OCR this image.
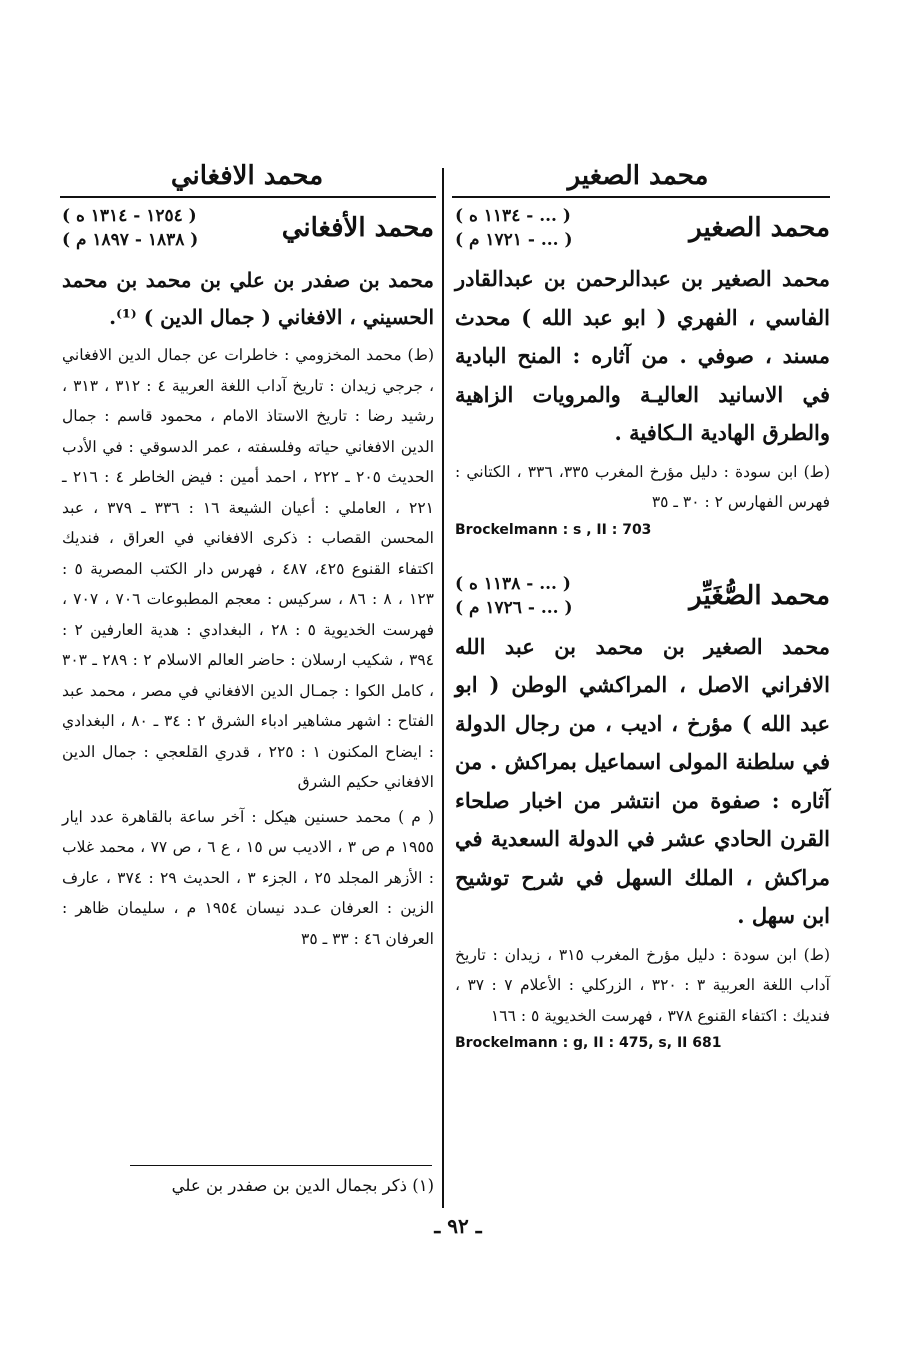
محمد الصغير
محمد الافغاني
محمد الصغير
( ... - ١١٣٤ ه )
( ... - ١٧٢١ م )
محمد الصغير بن عبدالرحمن بن عبدالقادر الفاسي ، الفهري ( ابو عبد الله ) محدث مسند ، صوفي . من آثاره : المنح البادية في الاسانيد العاليـة والمرويات الزاهية والطرق الهادية الـكافية .
(ط) ابن سودة : دليل مؤرخ المغرب ٣٣٥، ٣٣٦ ، الكتاني : فهرس الفهارس ٢ : ٣٠ ـ ٣٥
Brockelmann : s , II : 703
محمد الصُّغَيِّر
( ... - ١١٣٨ ه )
( ... - ١٧٢٦ م )
محمد الصغير بن محمد بن عبد الله الافراني الاصل ، المراكشي الوطن ( ابو عبد الله ) مؤرخ ، اديب ، من رجال الدولة في سلطنة المولى اسماعيل بمراكش . من آثاره : صفوة من انتشر من اخبار صلحاء القرن الحادي عشر في الدولة السعدية في مراكش ، الملك السهل في شرح توشيح ابن سهل .
(ط) ابن سودة : دليل مؤرخ المغرب ٣١٥ ، زيدان : تاريخ آداب اللغة العربية ٣ : ٣٢٠ ، الزركلي : الأعلام ٧ : ٣٧ ، فنديك : اكتفاء القنوع ٣٧٨ ، فهرست الخديوية ٥ : ١٦٦
Brockelmann : g, II : 475, s, II 681
محمد الأفغاني
( ١٢٥٤ - ١٣١٤ ه )
( ١٨٣٨ - ١٨٩٧ م )
محمد بن صفدر بن علي بن محمد بن محمد الحسيني ، الافغاني ( جمال الدين ) ⁽¹⁾.
(ط) محمد المخزومي : خاطرات عن جمال الدين الافغاني ، جرجي زيدان : تاريخ آداب اللغة العربية ٤ : ٣١٢ ، ٣١٣ ، رشيد رضا : تاريخ الاستاذ الامام ، محمود قاسم : جمال الدين الافغاني حياته وفلسفته ، عمر الدسوقي : في الأدب الحديث ٢٠٥ ـ ٢٢٢ ، احمد أمين : فيض الخاطر ٤ : ٢١٦ ـ ٢٢١ ، العاملي : أعيان الشيعة ١٦ : ٣٣٦ ـ ٣٧٩ ، عبد المحسن القصاب : ذكرى الافغاني في العراق ، فنديك اكتفاء القنوع ٤٢٥، ٤٨٧ ، فهرس دار الكتب المصرية ٥ : ١٢٣ ، ٨ : ٨٦ ، سركيس : معجم المطبوعات ٧٠٦ ، ٧٠٧ ، فهرست الخديوية ٥ : ٢٨ ، البغدادي : هدية العارفين ٢ : ٣٩٤ ، شكيب ارسلان : حاضر العالم الاسلام ٢ : ٢٨٩ ـ ٣٠٣ ، كامل الكوا : جمـال الدين الافغاني في مصر ، محمد عبد الفتاح : اشهر مشاهير ادباء الشرق ٢ : ٣٤ ـ ٨٠ ، البغدادي : ايضاح المكنون ١ : ٢٢٥ ، قدري القلعجي : جمال الدين الافغاني حكيم الشرق
( م ) محمد حسنين هيكل : آخر ساعة بالقاهرة عدد ايار ١٩٥٥ م ص ٣ ، الاديب س ١٥ ، ع ٦ ، ص ٧٧ ، محمد غلاب : الأزهر المجلد ٢٥ ، الجزء ٣ ، الحديث ٢٩ : ٣٧٤ ، عارف الزين : العرفان عـدد نيسان ١٩٥٤ م ، سليمان ظاهر : العرفان ٤٦ : ٣٣ ـ ٣٥
(١) ذكر بجمال الدين بن صفدر بن علي
ـ ٩٢ ـ
